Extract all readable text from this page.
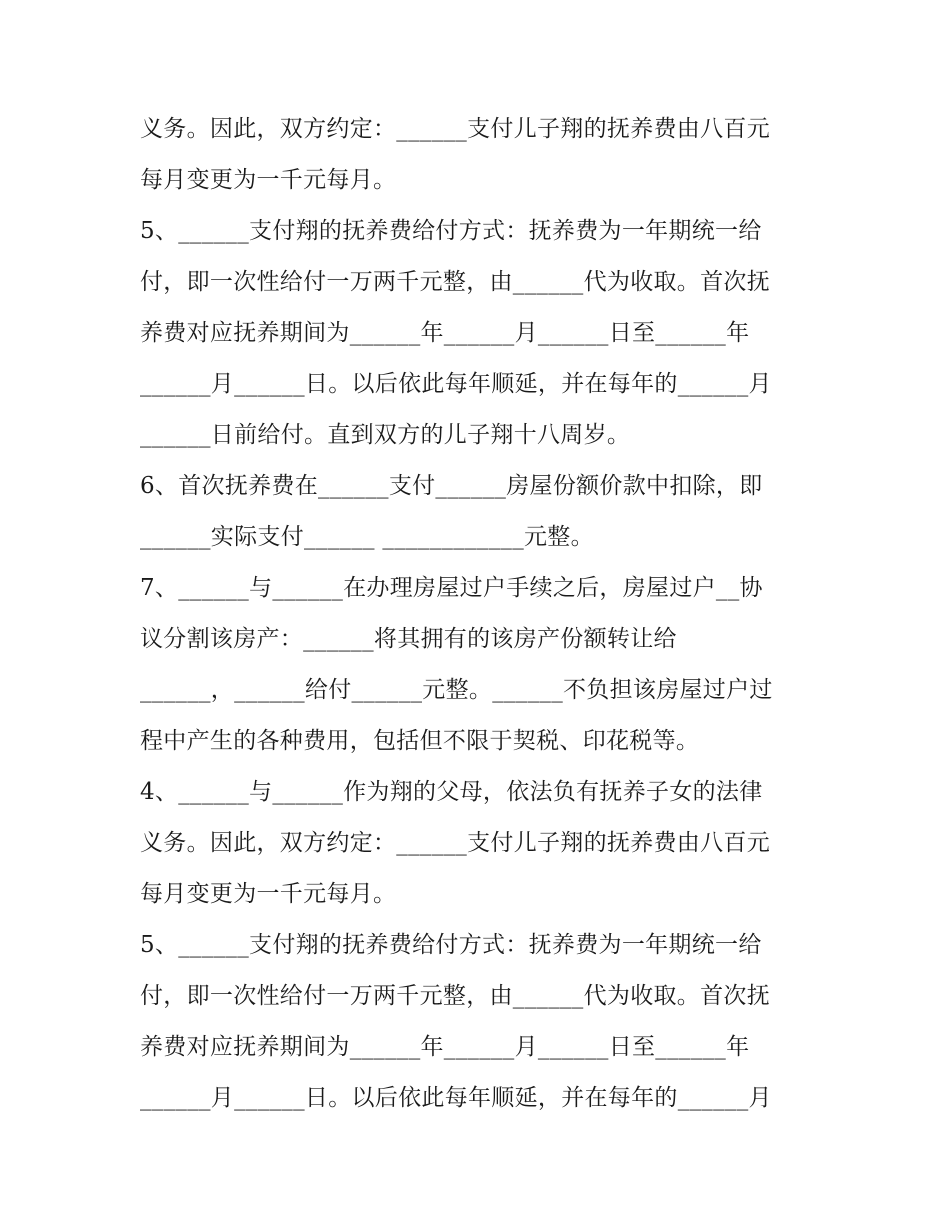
义务。因此，双方约定：______支付儿子翔的抚养费由八百元
每月变更为一千元每月。
5、______支付翔的抚养费给付方式：抚养费为一年期统一给
付，即一次性给付一万两千元整，由______代为收取。首次抚
养费对应抚养期间为______年______月______日至______年
______月______日。以后依此每年顺延，并在每年的______月
______日前给付。直到双方的儿子翔十八周岁。
6、首次抚养费在______支付______房屋份额价款中扣除，即
______实际支付______ ____________元整。
7、______与______在办理房屋过户手续之后，房屋过户__协
议分割该房产：______将其拥有的该房产份额转让给
______，______给付______元整。______不负担该房屋过户过
程中产生的各种费用，包括但不限于契税、印花税等。
4、______与______作为翔的父母，依法负有抚养子女的法律
义务。因此，双方约定：______支付儿子翔的抚养费由八百元
每月变更为一千元每月。
5、______支付翔的抚养费给付方式：抚养费为一年期统一给
付，即一次性给付一万两千元整，由______代为收取。首次抚
养费对应抚养期间为______年______月______日至______年
______月______日。以后依此每年顺延，并在每年的______月
